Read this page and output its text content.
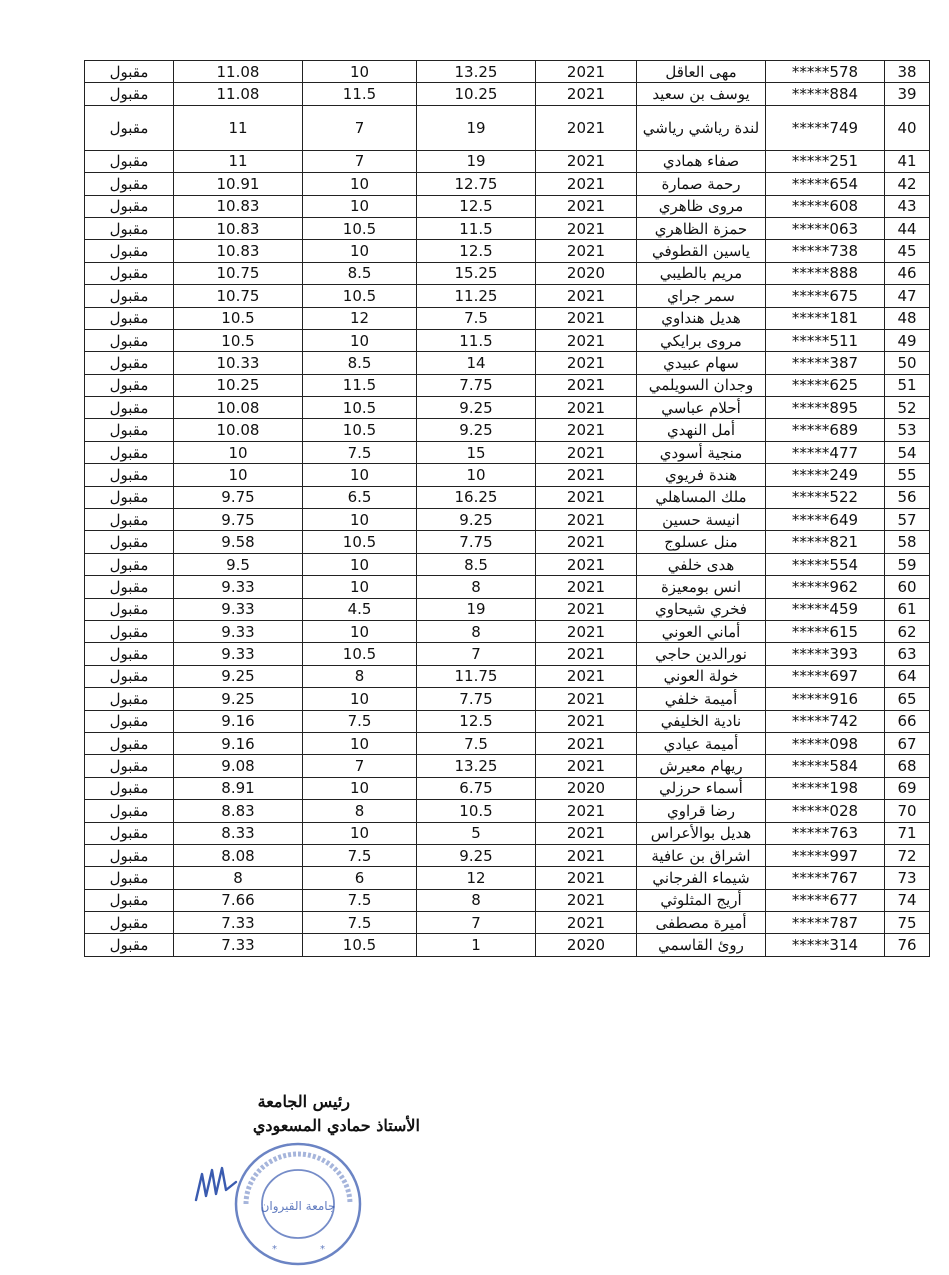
38	*****578	مهى العاقل	2021	13.25	10	11.08	مقبول
39	*****884	يوسف بن سعيد	2021	10.25	11.5	11.08	مقبول
40	*****749	لندة رياشي رياشي	2021	19	7	11	مقبول
41	*****251	صفاء همادي	2021	19	7	11	مقبول
42	*****654	رحمة صمارة	2021	12.75	10	10.91	مقبول
43	*****608	مروى ظاهري	2021	12.5	10	10.83	مقبول
44	*****063	حمزة الظاهري	2021	11.5	10.5	10.83	مقبول
45	*****738	ياسين القطوفي	2021	12.5	10	10.83	مقبول
46	*****888	مريم بالطيبي	2020	15.25	8.5	10.75	مقبول
47	*****675	سمر جراي	2021	11.25	10.5	10.75	مقبول
48	*****181	هديل هنداوي	2021	7.5	12	10.5	مقبول
49	*****511	مروى برايكي	2021	11.5	10	10.5	مقبول
50	*****387	سهام عبيدي	2021	14	8.5	10.33	مقبول
51	*****625	وجدان السويلمي	2021	7.75	11.5	10.25	مقبول
52	*****895	أحلام عباسي	2021	9.25	10.5	10.08	مقبول
53	*****689	أمل النهدي	2021	9.25	10.5	10.08	مقبول
54	*****477	منجية أسودي	2021	15	7.5	10	مقبول
55	*****249	هندة فريوي	2021	10	10	10	مقبول
56	*****522	ملك المساهلي	2021	16.25	6.5	9.75	مقبول
57	*****649	انيسة حسين	2021	9.25	10	9.75	مقبول
58	*****821	منل عسلوج	2021	7.75	10.5	9.58	مقبول
59	*****554	هدى خلفي	2021	8.5	10	9.5	مقبول
60	*****962	انس بومعيزة	2021	8	10	9.33	مقبول
61	*****459	فخري شيحاوي	2021	19	4.5	9.33	مقبول
62	*****615	أماني العوني	2021	8	10	9.33	مقبول
63	*****393	نورالدين حاجي	2021	7	10.5	9.33	مقبول
64	*****697	خولة العوني	2021	11.75	8	9.25	مقبول
65	*****916	أميمة خلفي	2021	7.75	10	9.25	مقبول
66	*****742	نادية الخليفي	2021	12.5	7.5	9.16	مقبول
67	*****098	أميمة عيادي	2021	7.5	10	9.16	مقبول
68	*****584	ريهام معيرش	2021	13.25	7	9.08	مقبول
69	*****198	أسماء حرزلي	2020	6.75	10	8.91	مقبول
70	*****028	رضا قراوي	2021	10.5	8	8.83	مقبول
71	*****763	هديل بوالأعراس	2021	5	10	8.33	مقبول
72	*****997	اشراق بن عافية	2021	9.25	7.5	8.08	مقبول
73	*****767	شيماء الفرجاني	2021	12	6	8	مقبول
74	*****677	أريج المثلوثي	2021	8	7.5	7.66	مقبول
75	*****787	أميرة مصطفى	2021	7	7.5	7.33	مقبول
76	*****314	روئ القاسمي	2020	1	10.5	7.33	مقبول
رئيس الجامعة
الأستاذ حمادي المسعودي
جامعة القيروان
*	*
